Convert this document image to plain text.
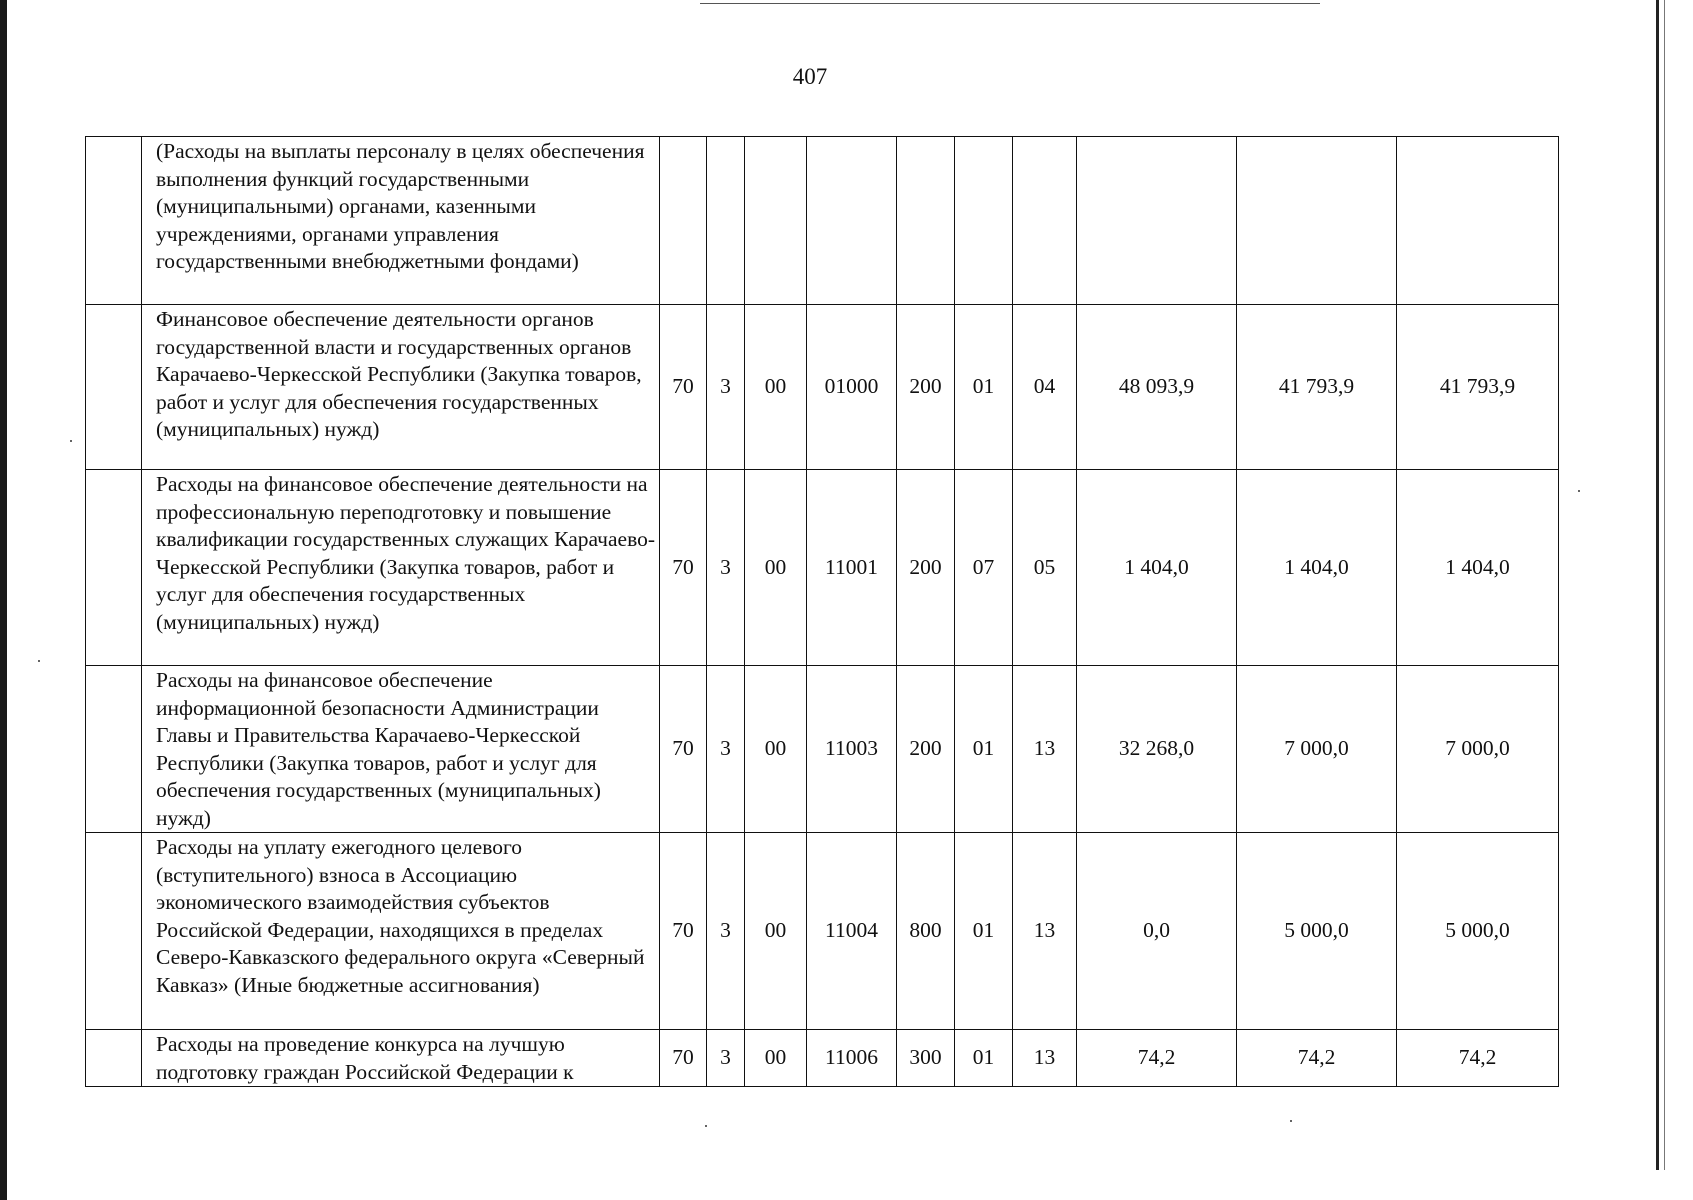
407
	(Расходы на выплаты персоналу в целях обеспечения выполнения функций государственными (муниципальными) органами, казенными учреждениями, органами управления государственными внебюджетными фондами)										
	Финансовое обеспечение деятельности органов государственной власти и государственных органов Карачаево-Черкесской Республики (Закупка товаров, работ и услуг для обеспечения государственных (муниципальных) нужд)	70	3	00	01000	200	01	04	48 093,9	41 793,9	41 793,9
	Расходы на финансовое обеспечение деятельности на профессиональную переподготовку и повышение квалификации государственных служащих Карачаево-Черкесской Республики (Закупка товаров, работ и услуг для обеспечения государственных (муниципальных) нужд)	70	3	00	11001	200	07	05	1 404,0	1 404,0	1 404,0
	Расходы на финансовое обеспечение информационной безопасности Администрации Главы и Правительства Карачаево-Черкесской Республики (Закупка товаров, работ и услуг для обеспечения государственных (муниципальных) нужд)	70	3	00	11003	200	01	13	32 268,0	7 000,0	7 000,0
	Расходы на уплату ежегодного целевого (вступительного) взноса в Ассоциацию экономического взаимодействия субъектов Российской Федерации, находящихся в пределах Северо-Кавказского федерального округа «Северный Кавказ» (Иные бюджетные ассигнования)	70	3	00	11004	800	01	13	0,0	5 000,0	5 000,0
	Расходы на проведение конкурса на лучшую подготовку граждан Российской Федерации к	70	3	00	11006	300	01	13	74,2	74,2	74,2
